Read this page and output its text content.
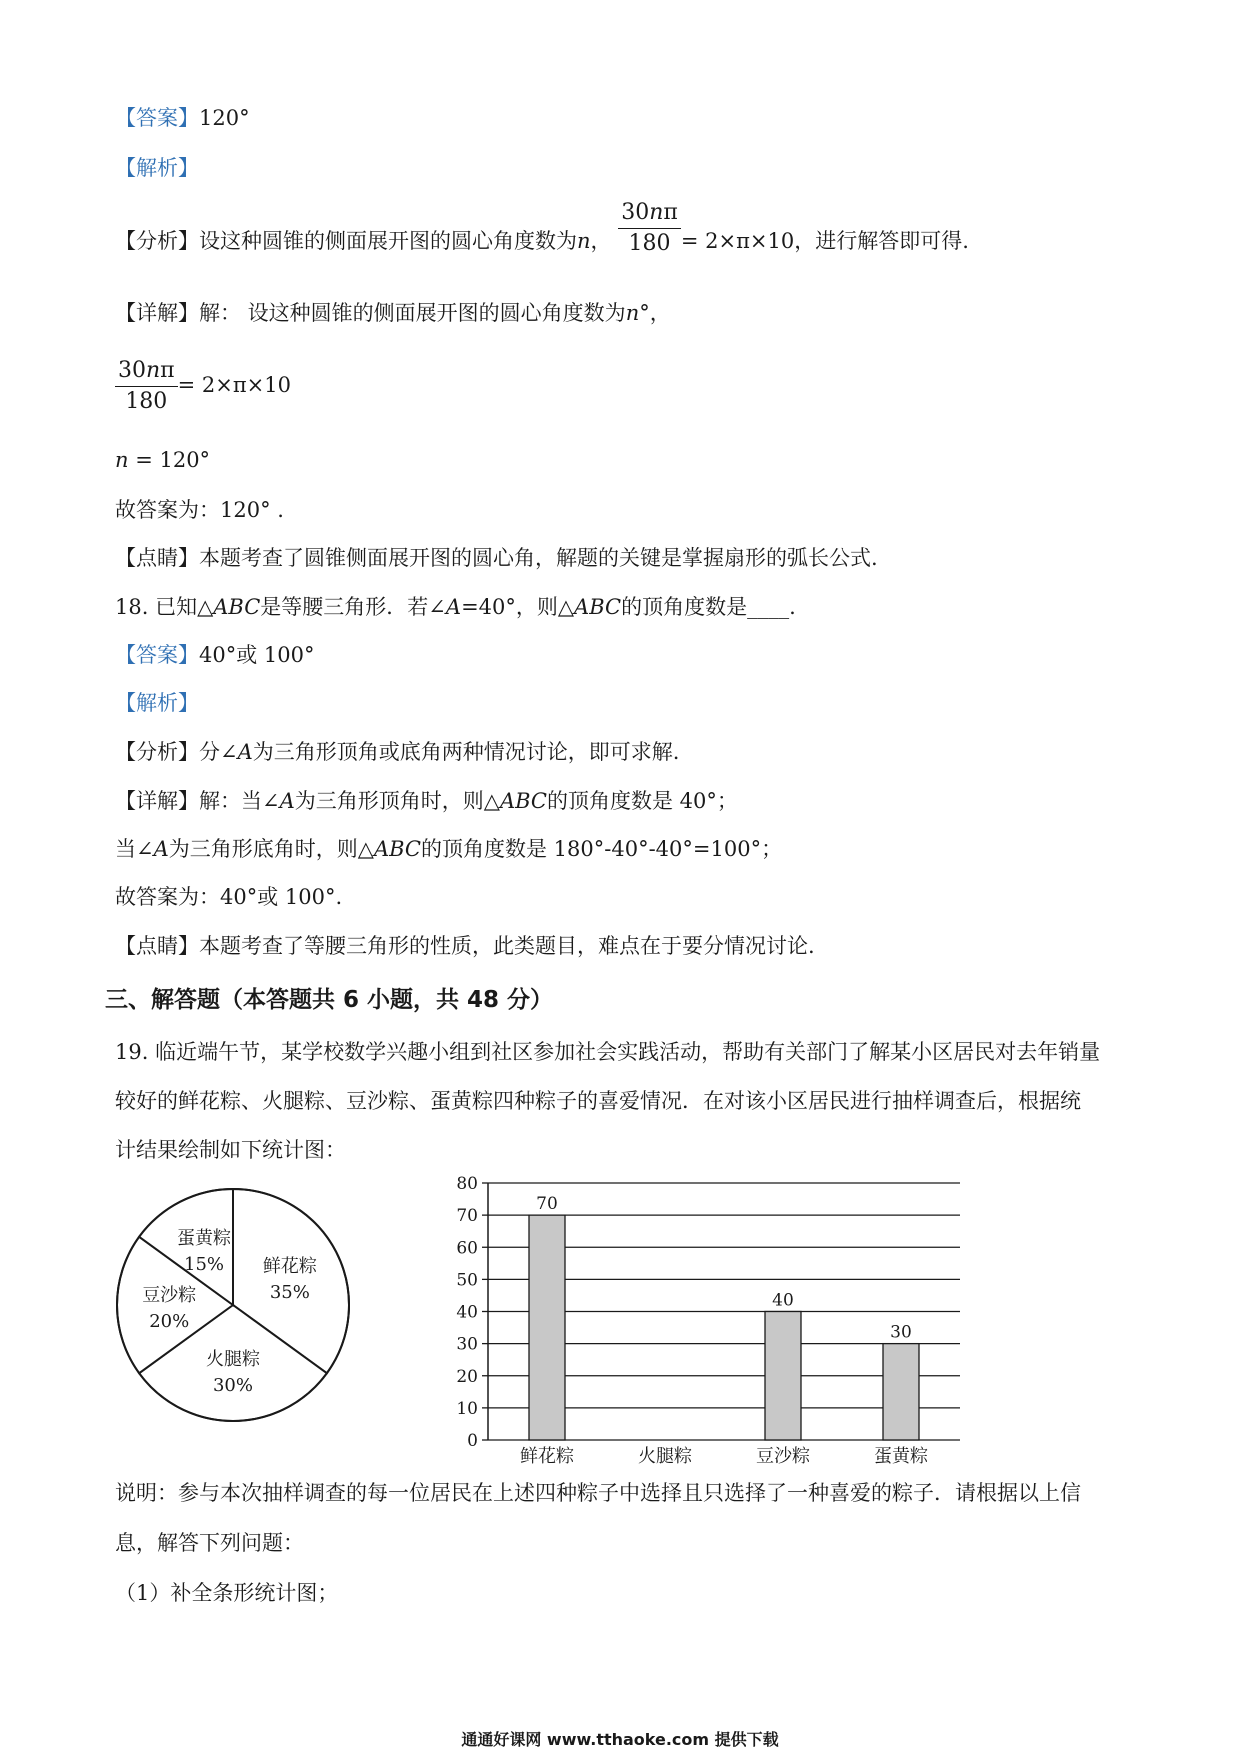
【答案】120°
【解析】
【分析】设这种圆锥的侧面展开图的圆心角度数为n， $\frac{30n\pi}{180} = 2\times\pi\times 10$，进行解答即可得.
【详解】解： 设这种圆锥的侧面展开图的圆心角度数为n°，
$\frac{30n\pi}{180} = 2\times\pi\times 10$
n = 120°
故答案为：120° .
【点睛】本题考查了圆锥侧面展开图的圆心角，解题的关键是掌握扇形的弧长公式.
18. 已知△ABC是等腰三角形．若∠A=40°，则△ABC的顶角度数是____.
【答案】40°或 100°
【解析】
【分析】分∠A为三角形顶角或底角两种情况讨论，即可求解.
【详解】解：当∠A为三角形顶角时，则△ABC的顶角度数是 40°；
当∠A为三角形底角时，则△ABC的顶角度数是 180°-40°-40°=100°；
故答案为：40°或 100°.
【点睛】本题考查了等腰三角形的性质，此类题目，难点在于要分情况讨论.
三、解答题（本答题共 6 小题，共 48 分）
19. 临近端午节，某学校数学兴趣小组到社区参加社会实践活动，帮助有关部门了解某小区居民对去年销量
较好的鲜花粽、火腿粽、豆沙粽、蛋黄粽四种粽子的喜爱情况．在对该小区居民进行抽样调查后，根据统
计结果绘制如下统计图：
鲜花粽
35%
火腿粽
30%
豆沙粽
20%
蛋黄粽
15%
0
10
20
30
40
50
60
70
80
70
鲜花粽	火腿粽
40
豆沙粽
30
蛋黄粽
说明：参与本次抽样调查的每一位居民在上述四种粽子中选择且只选择了一种喜爱的粽子．请根据以上信
息，解答下列问题：
（1）补全条形统计图；
通通好课网 www.tthaoke.com 提供下载
